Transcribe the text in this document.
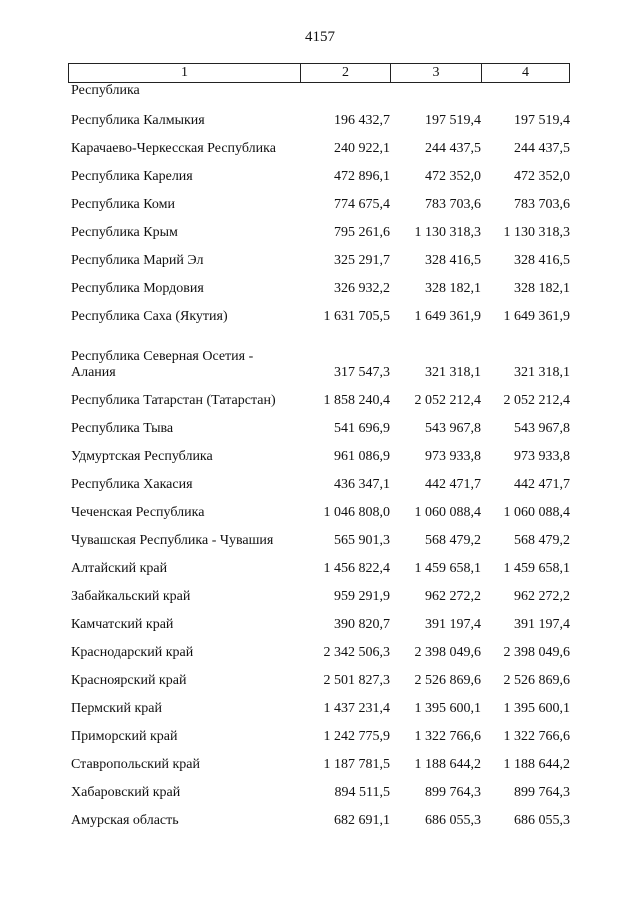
4157
1	2	3	4
Республика
Республика Калмыкия	196 432,7	197 519,4	197 519,4
Карачаево-Черкесская Республика	240 922,1	244 437,5	244 437,5
Республика Карелия	472 896,1	472 352,0	472 352,0
Республика Коми	774 675,4	783 703,6	783 703,6
Республика Крым	795 261,6	1 130 318,3	1 130 318,3
Республика Марий Эл	325 291,7	328 416,5	328 416,5
Республика Мордовия	326 932,2	328 182,1	328 182,1
Республика Саха (Якутия)	1 631 705,5	1 649 361,9	1 649 361,9
Республика Северная Осетия -
Алания	317 547,3	321 318,1	321 318,1
Республика Татарстан (Татарстан)	1 858 240,4	2 052 212,4	2 052 212,4
Республика Тыва	541 696,9	543 967,8	543 967,8
Удмуртская Республика	961 086,9	973 933,8	973 933,8
Республика Хакасия	436 347,1	442 471,7	442 471,7
Чеченская Республика	1 046 808,0	1 060 088,4	1 060 088,4
Чувашская Республика - Чувашия	565 901,3	568 479,2	568 479,2
Алтайский край	1 456 822,4	1 459 658,1	1 459 658,1
Забайкальский край	959 291,9	962 272,2	962 272,2
Камчатский край	390 820,7	391 197,4	391 197,4
Краснодарский край	2 342 506,3	2 398 049,6	2 398 049,6
Красноярский край	2 501 827,3	2 526 869,6	2 526 869,6
Пермский край	1 437 231,4	1 395 600,1	1 395 600,1
Приморский край	1 242 775,9	1 322 766,6	1 322 766,6
Ставропольский край	1 187 781,5	1 188 644,2	1 188 644,2
Хабаровский край	894 511,5	899 764,3	899 764,3
Амурская область	682 691,1	686 055,3	686 055,3
